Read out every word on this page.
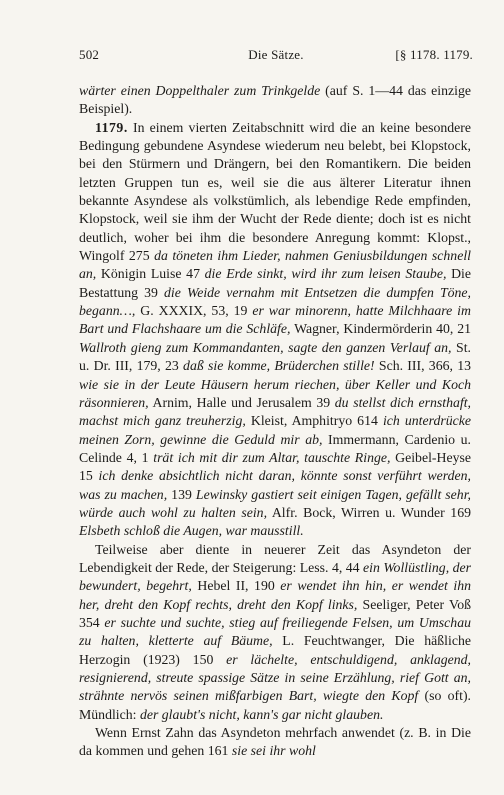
502	Die Sätze.	[§ 1178. 1179.

wärter einen Doppelthaler zum Trinkgelde (auf S. 1—44 das einzige Beispiel).

1179. In einem vierten Zeitabschnitt wird die an keine besondere Bedingung gebundene Asyndese wiederum neu belebt, bei Klopstock, bei den Stürmern und Drängern, bei den Romantikern. Die beiden letzten Gruppen tun es, weil sie die aus älterer Literatur ihnen bekannte Asyndese als volkstümlich, als lebendige Rede empfinden, Klopstock, weil sie ihm der Wucht der Rede diente; doch ist es nicht deutlich, woher bei ihm die besondere Anregung kommt: Klopst., Wingolf 275 da töneten ihm Lieder, nahmen Geniusbildungen schnell an, Königin Luise 47 die Erde sinkt, wird ihr zum leisen Staube, Die Bestattung 39 die Weide vernahm mit Entsetzen die dumpfen Töne, begann…, G. XXXIX, 53, 19 er war minorenn, hatte Milchhaare im Bart und Flachshaare um die Schläfe, Wagner, Kindermörderin 40, 21 Wallroth gieng zum Kommandanten, sagte den ganzen Verlauf an, St. u. Dr. III, 179, 23 daß sie komme, Brüderchen stille! Sch. III, 366, 13 wie sie in der Leute Häusern herum riechen, über Keller und Koch räsonnieren, Arnim, Halle und Jerusalem 39 du stellst dich ernsthaft, machst mich ganz treuherzig, Kleist, Amphitryo 614 ich unterdrücke meinen Zorn, gewinne die Geduld mir ab, Immermann, Cardenio u. Celinde 4, 1 trät ich mit dir zum Altar, tauschte Ringe, Geibel-Heyse 15 ich denke absichtlich nicht daran, könnte sonst verführt werden, was zu machen, 139 Lewinsky gastiert seit einigen Tagen, gefällt sehr, würde auch wohl zu halten sein, Alfr. Bock, Wirren u. Wunder 169 Elsbeth schloß die Augen, war mausstill.

Teilweise aber diente in neuerer Zeit das Asyndeton der Lebendigkeit der Rede, der Steigerung: Less. 4, 44 ein Wollüstling, der bewundert, begehrt, Hebel II, 190 er wendet ihn hin, er wendet ihn her, dreht den Kopf rechts, dreht den Kopf links, Seeliger, Peter Voß 354 er suchte und suchte, stieg auf freiliegende Felsen, um Umschau zu halten, kletterte auf Bäume, L. Feuchtwanger, Die häßliche Herzogin (1923) 150 er lächelte, entschuldigend, anklagend, resignierend, streute spassige Sätze in seine Erzählung, rief Gott an, strähnte nervös seinen mißfarbigen Bart, wiegte den Kopf (so oft). Mündlich: der glaubt's nicht, kann's gar nicht glauben.

Wenn Ernst Zahn das Asyndeton mehrfach anwendet (z. B. in Die da kommen und gehen 161 sie sei ihr wohl
